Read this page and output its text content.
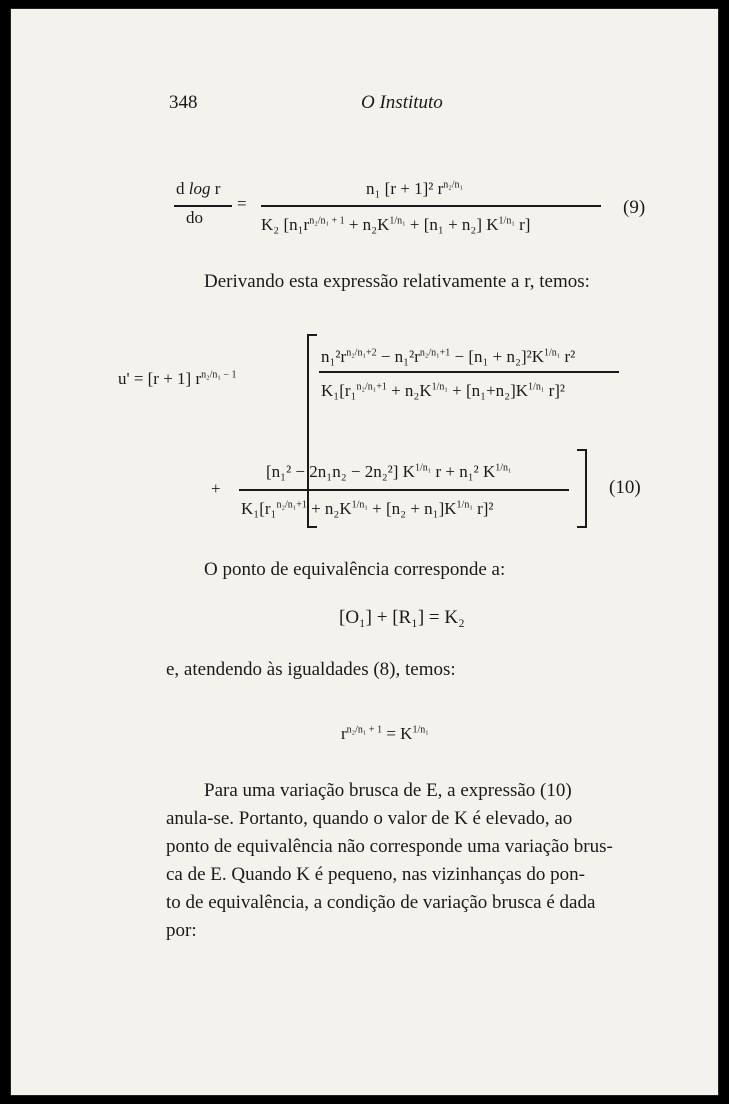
348	O Instituto
d log r
do
=
n₁ [r + 1]² $r^{n_2/n_1}$
K₂ [$n_1r^{n_2/n_1 + 1} + n_2K^{1/n_1} + [n_1 + n_2]$ $K^{1/n_1}$ r]
(9)
Derivando esta expressão relativamente a r, temos:
u' = [r + 1] $r^{n_2/n_1 - 1}$
$n_1^2r^{n_2/n_1+2} - n_1^2r^{n_2/n_1+1} - [n_1 + n_2]^2K^{1/n_1}$ r²
$K_1[r_1^{n_2/n_1+1} + n_2K^{1/n_1} + [n_1+n_2]K^{1/n_1}$ r]²
+
[n₁² − 2n₁n₂ − 2n₂²] $K^{1/n_1}$ r + n₁² $K^{1/n_1}$
$K_1[r_1^{n_2/n_1+1} + n_2K^{1/n_1} + [n_2 + n_1]K^{1/n_1}$ r]²
(10)
O ponto de equivalência corresponde a:
[O₁] + [R₁] = K₂
e, atendendo às igualdades (8), temos:
$r^{n_2/n_1 + 1} = K^{1/n_1}$
Para uma variação brusca de E, a expressão (10)
anula-se. Portanto, quando o valor de K é elevado, ao
ponto de equivalência não corresponde uma variação brus-
ca de E. Quando K é pequeno, nas vizinhanças do pon-
to de equivalência, a condição de variação brusca é dada
por:
